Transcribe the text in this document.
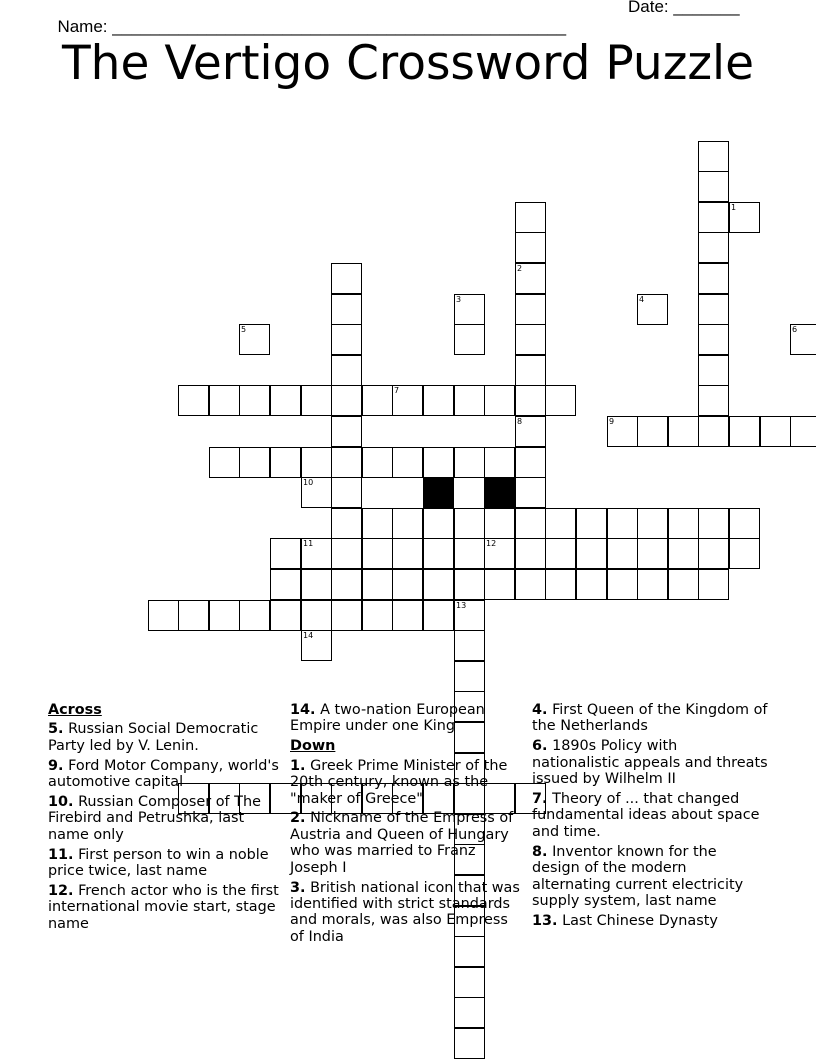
Name: ________________________________________________

Date: _______

The Vertigo Crossword Puzzle
2
8
7
11	12
9
1
3	4
5	6
10
13
14
Across
5. Russian Social Democratic Party led by V. Lenin.
9. Ford Motor Company, world's automotive capital
10. Russian Composer of The Firebird and Petrushka, last name only
11. First person to win a noble price twice, last name
12. French actor who is the first international movie start, stage name
14. A two-nation European Empire under one King
Down
1. Greek Prime Minister of the 20th century, known as the "maker of Greece"
2. Nickname of the Empress of Austria and Queen of Hungary who was married to Franz Joseph I
3. British national icon that was identified with strict standards and morals, was also Empress of India
4. First Queen of the Kingdom of the Netherlands
6. 1890s Policy with nationalistic appeals and threats issued by Wilhelm II
7. Theory of ... that changed fundamental ideas about space and time.
8. Inventor known for the design of the modern alternating current electricity supply system, last name
13. Last Chinese Dynasty
